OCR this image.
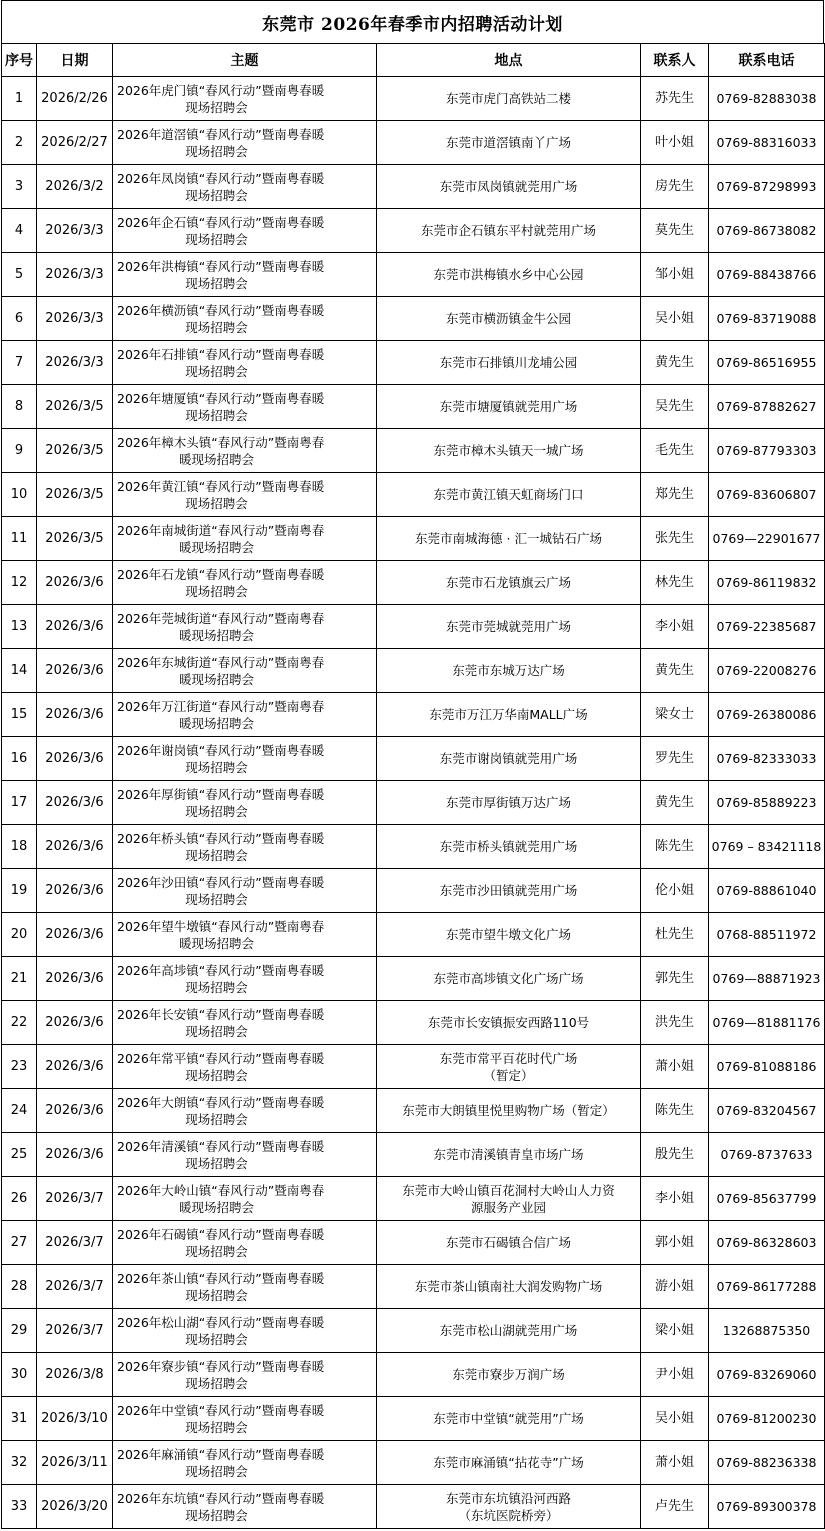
东莞市 2026年春季市内招聘活动计划
序号	日期	主题	地点	联系人	联系电话
1	2026/2/26	2026年虎门镇“春风行动”暨南粤春暖
现场招聘会	东莞市虎门高铁站二楼	苏先生	0769-82883038
2	2026/2/27	2026年道滘镇“春风行动”暨南粤春暖
现场招聘会	东莞市道滘镇南丫广场	叶小姐	0769-88316033
3	2026/3/2	2026年凤岗镇“春风行动”暨南粤春暖
现场招聘会	东莞市凤岗镇就莞用广场	房先生	0769-87298993
4	2026/3/3	2026年企石镇“春风行动”暨南粤春暖
现场招聘会	东莞市企石镇东平村就莞用广场	莫先生	0769-86738082
5	2026/3/3	2026年洪梅镇“春风行动”暨南粤春暖
现场招聘会	东莞市洪梅镇水乡中心公园	邹小姐	0769-88438766
6	2026/3/3	2026年横沥镇“春风行动”暨南粤春暖
现场招聘会	东莞市横沥镇金牛公园	吴小姐	0769-83719088
7	2026/3/3	2026年石排镇“春风行动”暨南粤春暖
现场招聘会	东莞市石排镇川龙埔公园	黄先生	0769-86516955
8	2026/3/5	2026年塘厦镇“春风行动”暨南粤春暖
现场招聘会	东莞市塘厦镇就莞用广场	吴先生	0769-87882627
9	2026/3/5	2026年樟木头镇“春风行动”暨南粤春
暖现场招聘会	东莞市樟木头镇天一城广场	毛先生	0769-87793303
10	2026/3/5	2026年黄江镇“春风行动”暨南粤春暖
现场招聘会	东莞市黄江镇天虹商场门口	郑先生	0769-83606807
11	2026/3/5	2026年南城街道“春风行动”暨南粤春
暖现场招聘会	东莞市南城海德 · 汇一城钻石广场	张先生	0769—22901677
12	2026/3/6	2026年石龙镇“春风行动”暨南粤春暖
现场招聘会	东莞市石龙镇旗云广场	林先生	0769-86119832
13	2026/3/6	2026年莞城街道“春风行动”暨南粤春
暖现场招聘会	东莞市莞城就莞用广场	李小姐	0769-22385687
14	2026/3/6	2026年东城街道“春风行动”暨南粤春
暖现场招聘会	东莞市东城万达广场	黄先生	0769-22008276
15	2026/3/6	2026年万江街道“春风行动”暨南粤春
暖现场招聘会	东莞市万江万华南MALL广场	梁女士	0769-26380086
16	2026/3/6	2026年谢岗镇“春风行动”暨南粤春暖
现场招聘会	东莞市谢岗镇就莞用广场	罗先生	0769-82333033
17	2026/3/6	2026年厚街镇“春风行动”暨南粤春暖
现场招聘会	东莞市厚街镇万达广场	黄先生	0769-85889223
18	2026/3/6	2026年桥头镇“春风行动”暨南粤春暖
现场招聘会	东莞市桥头镇就莞用广场	陈先生	0769 – 83421118
19	2026/3/6	2026年沙田镇“春风行动”暨南粤春暖
现场招聘会	东莞市沙田镇就莞用广场	伦小姐	0769-88861040
20	2026/3/6	2026年望牛墩镇“春风行动”暨南粤春
暖现场招聘会	东莞市望牛墩文化广场	杜先生	0768-88511972
21	2026/3/6	2026年高埗镇“春风行动”暨南粤春暖
现场招聘会	东莞市高埗镇文化广场广场	郭先生	0769—88871923
22	2026/3/6	2026年长安镇“春风行动”暨南粤春暖
现场招聘会	东莞市长安镇振安西路110号	洪先生	0769—81881176
23	2026/3/6	2026年常平镇“春风行动”暨南粤春暖
现场招聘会	东莞市常平百花时代广场
（暂定）	萧小姐	0769-81088186
24	2026/3/6	2026年大朗镇“春风行动”暨南粤春暖
现场招聘会	东莞市大朗镇里悦里购物广场（暂定）	陈先生	0769-83204567
25	2026/3/6	2026年清溪镇“春风行动”暨南粤春暖
现场招聘会	东莞市清溪镇青皇市场广场	殷先生	0769-8737633
26	2026/3/7	2026年大岭山镇“春风行动”暨南粤春
暖现场招聘会	东莞市大岭山镇百花洞村大岭山人力资
源服务产业园	李小姐	0769-85637799
27	2026/3/7	2026年石碣镇“春风行动”暨南粤春暖
现场招聘会	东莞市石碣镇合信广场	郭小姐	0769-86328603
28	2026/3/7	2026年茶山镇“春风行动”暨南粤春暖
现场招聘会	东莞市茶山镇南社大润发购物广场	游小姐	0769-86177288
29	2026/3/7	2026年松山湖“春风行动”暨南粤春暖
现场招聘会	东莞市松山湖就莞用广场	梁小姐	13268875350
30	2026/3/8	2026年寮步镇“春风行动”暨南粤春暖
现场招聘会	东莞市寮步万润广场	尹小姐	0769-83269060
31	2026/3/10	2026年中堂镇“春风行动”暨南粤春暖
现场招聘会	东莞市中堂镇“就莞用”广场	吴小姐	0769-81200230
32	2026/3/11	2026年麻涌镇“春风行动”暨南粤春暖
现场招聘会	东莞市麻涌镇“拈花寺”广场	萧小姐	0769-88236338
33	2026/3/20	2026年东坑镇“春风行动”暨南粤春暖
现场招聘会	东莞市东坑镇沿河西路
（东坑医院桥旁）	卢先生	0769-89300378
